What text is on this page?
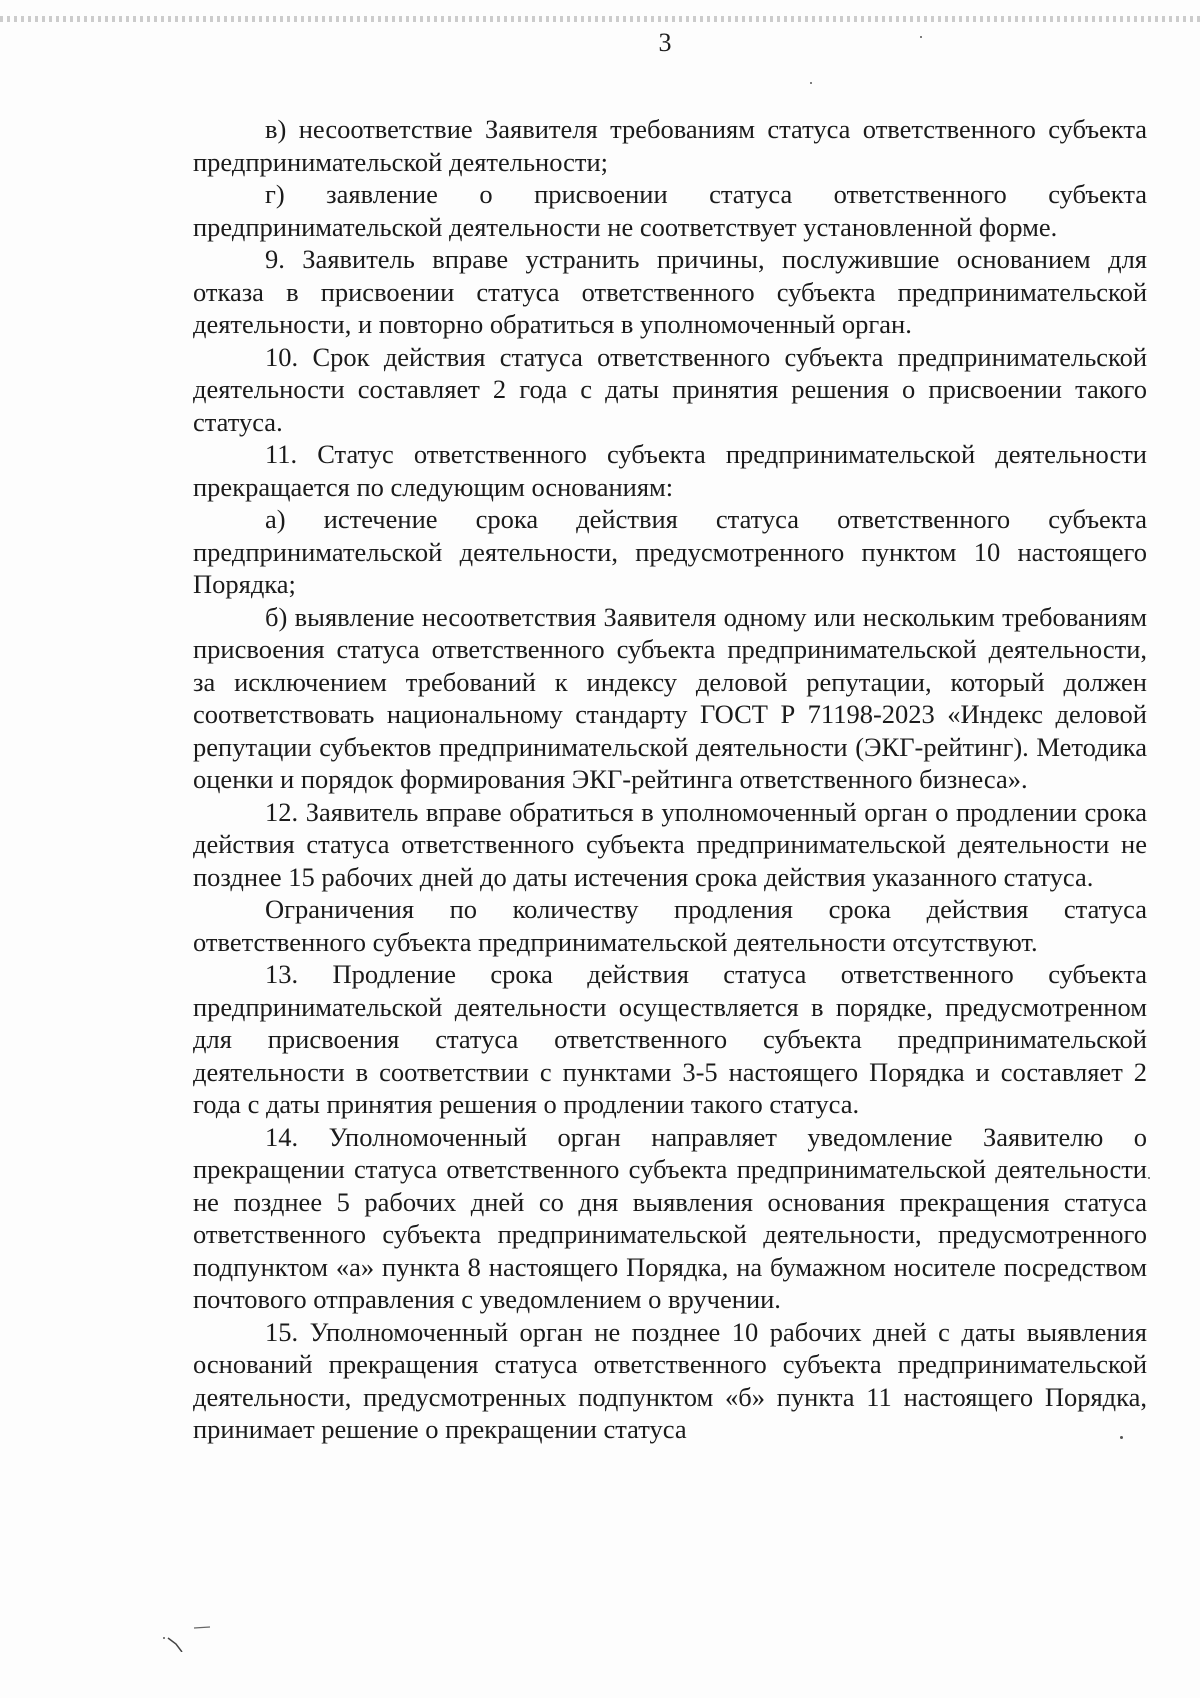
3

в) несоответствие Заявителя требованиям статуса ответственного субъекта предпринимательской деятельности;

г) заявление о присвоении статуса ответственного субъекта предпринимательской деятельности не соответствует установленной форме.

9. Заявитель вправе устранить причины, послужившие основанием для отказа в присвоении статуса ответственного субъекта предпринимательской деятельности, и повторно обратиться в уполномоченный орган.

10. Срок действия статуса ответственного субъекта предпринимательской деятельности составляет 2 года с даты принятия решения о присвоении такого статуса.

11. Статус ответственного субъекта предпринимательской деятельности прекращается по следующим основаниям:

а) истечение срока действия статуса ответственного субъекта предпринимательской деятельности, предусмотренного пунктом 10 настоящего Порядка;

б) выявление несоответствия Заявителя одному или нескольким требованиям присвоения статуса ответственного субъекта предпринимательской деятельности, за исключением требований к индексу деловой репутации, который должен соответствовать национальному стандарту ГОСТ Р 71198-2023 «Индекс деловой репутации субъектов предпринимательской деятельности (ЭКГ-рейтинг). Методика оценки и порядок формирования ЭКГ-рейтинга ответственного бизнеса».

12. Заявитель вправе обратиться в уполномоченный орган о продлении срока действия статуса ответственного субъекта предпринимательской деятельности не позднее 15 рабочих дней до даты истечения срока действия указанного статуса.

Ограничения по количеству продления срока действия статуса ответственного субъекта предпринимательской деятельности отсутствуют.

13. Продление срока действия статуса ответственного субъекта предпринимательской деятельности осуществляется в порядке, предусмотренном для присвоения статуса ответственного субъекта предпринимательской деятельности в соответствии с пунктами 3-5 настоящего Порядка и составляет 2 года с даты принятия решения о продлении такого статуса.

14. Уполномоченный орган направляет уведомление Заявителю о прекращении статуса ответственного субъекта предпринимательской деятельности не позднее 5 рабочих дней со дня выявления основания прекращения статуса ответственного субъекта предпринимательской деятельности, предусмотренного подпунктом «а» пункта 8 настоящего Порядка, на бумажном носителе посредством почтового отправления с уведомлением о вручении.

15. Уполномоченный орган не позднее 10 рабочих дней с даты выявления оснований прекращения статуса ответственного субъекта предпринимательской деятельности, предусмотренных подпунктом «б» пункта 11 настоящего Порядка, принимает решение о прекращении статуса
